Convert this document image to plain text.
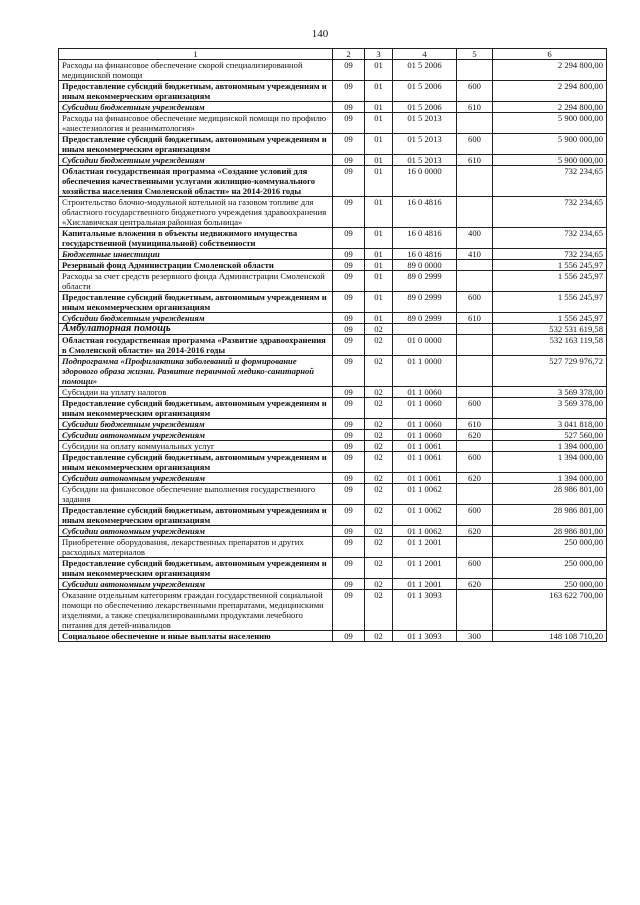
140
1	2	3	4	5	6
Расходы на финансовое обеспечение скорой специализированной медицинской помощи	09	01	01 5 2006		2 294 800,00
Предоставление субсидий бюджетным, автономным учреждениям и иным некоммерческим организациям	09	01	01 5 2006	600	2 294 800,00
Субсидии бюджетным учреждениям	09	01	01 5 2006	610	2 294 800,00
Расходы на финансовое обеспечение медицинской помощи по профилю «анестезиология и реаниматология»	09	01	01 5 2013		5 900 000,00
Предоставление субсидий бюджетным, автономным учреждениям и иным некоммерческим организациям	09	01	01 5 2013	600	5 900 000,00
Субсидии бюджетным учреждениям	09	01	01 5 2013	610	5 900 000,00
Областная государственная программа «Создание условий для обеспечения качественными услугами жилищно-коммунального хозяйства населения Смоленской области» на 2014-2016 годы	09	01	16 0 0000		732 234,65
Строительство блочно-модульной котельной на газовом топливе для областного государственного бюджетного учреждения здравоохранения «Хиславичская центральная районная больница»	09	01	16 0 4816		732 234,65
Капитальные вложения в объекты недвижимого имущества государственной (муниципальной) собственности	09	01	16 0 4816	400	732 234,65
Бюджетные инвестиции	09	01	16 0 4816	410	732 234,65
Резервный фонд Администрации Смоленской области	09	01	89 0 0000		1 556 245,97
Расходы за счет средств резервного фонда Администрации Смоленской области	09	01	89 0 2999		1 556 245,97
Предоставление субсидий бюджетным, автономным учреждениям и иным некоммерческим организациям	09	01	89 0 2999	600	1 556 245,97
Субсидии бюджетным учреждениям	09	01	89 0 2999	610	1 556 245,97
Амбулаторная помощь	09	02			532 531 619,58
Областная государственная программа «Развитие здравоохранения в Смоленской области» на 2014-2016 годы	09	02	01 0 0000		532 163 119,58
Подпрограмма «Профилактика заболеваний и формирование здорового образа жизни. Развитие первичной медико-санитарной помощи»	09	02	01 1 0000		527 729 976,72
Субсидии на уплату налогов	09	02	01 1 0060		3 569 378,00
Предоставление субсидий бюджетным, автономным учреждениям и иным некоммерческим организациям	09	02	01 1 0060	600	3 569 378,00
Субсидии бюджетным учреждениям	09	02	01 1 0060	610	3 041 818,00
Субсидии автономным учреждениям	09	02	01 1 0060	620	527 560,00
Субсидии на оплату коммунальных услуг	09	02	01 1 0061		1 394 000,00
Предоставление субсидий бюджетным, автономным учреждениям и иным некоммерческим организациям	09	02	01 1 0061	600	1 394 000,00
Субсидии автономным учреждениям	09	02	01 1 0061	620	1 394 000,00
Субсидии на финансовое обеспечение выполнения государственного задания	09	02	01 1 0062		28 986 801,00
Предоставление субсидий бюджетным, автономным учреждениям и иным некоммерческим организациям	09	02	01 1 0062	600	28 986 801,00
Субсидии автономным учреждениям	09	02	01 1 0062	620	28 986 801,00
Приобретение оборудования, лекарственных препаратов и других расходных материалов	09	02	01 1 2001		250 000,00
Предоставление субсидий бюджетным, автономным учреждениям и иным некоммерческим организациям	09	02	01 1 2001	600	250 000,00
Субсидии автономным учреждениям	09	02	01 1 2001	620	250 000,00
Оказание отдельным категориям граждан государственной социальной помощи по обеспечению лекарственными препаратами, медицинскими изделиями, а также специализированными продуктами лечебного питания для детей-инвалидов	09	02	01 1 3093		163 622 700,00
Социальное обеспечение и иные выплаты населению	09	02	01 1 3093	300	148 108 710,20
